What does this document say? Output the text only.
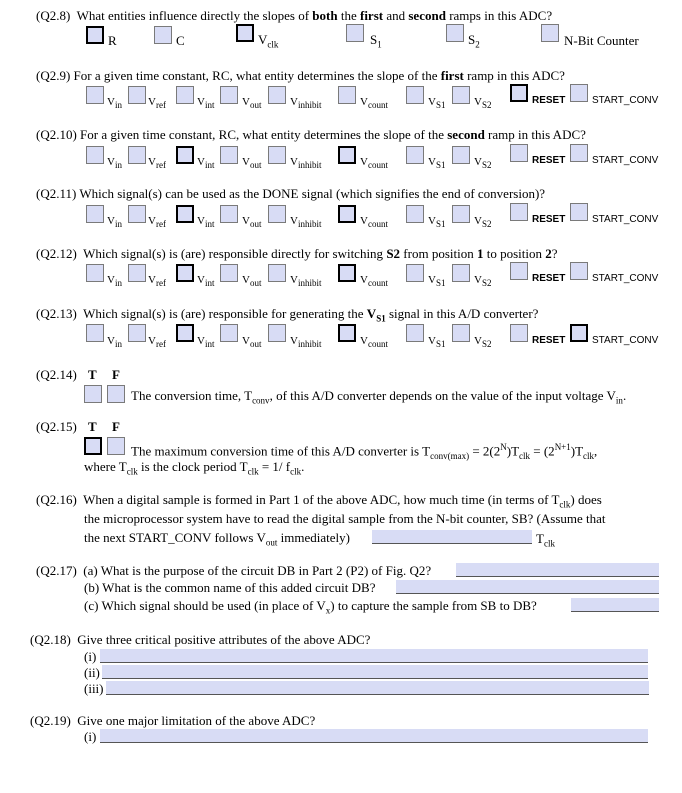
(Q2.8) What entities influence directly the slopes of both the first and second ramps in this ADC?
R	C	$V_{clk}$	$S_1$	$S_2$	N-Bit Counter
(Q2.9) For a given time constant, RC, what entity determines the slope of the first ramp in this ADC?
$V_{in}$ $V_{ref}$	$V_{int}$	$V_{out}$	$V_{inhibit}$	$V_{count}$	$V_{S1}$	$V_{S2}$	RESET	START_CONV
(Q2.10) For a given time constant, RC, what entity determines the slope of the second ramp in this ADC?
$V_{in}$ $V_{ref}$	$V_{int}$	$V_{out}$	$V_{inhibit}$	$V_{count}$	$V_{S1}$	$V_{S2}$	RESET	START_CONV
(Q2.11) Which signal(s) can be used as the DONE signal (which signifies the end of conversion)?
$V_{in}$ $V_{ref}$	$V_{int}$	$V_{out}$	$V_{inhibit}$	$V_{count}$	$V_{S1}$	$V_{S2}$	RESET	START_CONV
(Q2.12) Which signal(s) is (are) responsible directly for switching S2 from position 1 to position 2?
$V_{in}$ $V_{ref}$	$V_{int}$	$V_{out}$	$V_{inhibit}$	$V_{count}$	$V_{S1}$	$V_{S2}$	RESET	START_CONV
(Q2.13) Which signal(s) is (are) responsible for generating the $V_{S1}$ signal in this A/D converter?
$V_{in}$ $V_{ref}$	$V_{int}$	$V_{out}$	$V_{inhibit}$	$V_{count}$	$V_{S1}$	$V_{S2}$	RESET	START_CONV
(Q2.14) T F
The conversion time, $T_{conv}$, of this A/D converter depends on the value of the input voltage $V_{in}$.
(Q2.15) T F
The maximum conversion time of this A/D converter is $T_{conv(max)} = 2(2^N)T_{clk} = (2^{N+1})T_{clk}$,
where $T_{clk}$ is the clock period $T_{clk} = 1/$ $f_{clk}$.
(Q2.16) When a digital sample is formed in Part 1 of the above ADC, how much time (in terms of $T_{clk}$) does
the microprocessor system have to read the digital sample from the N-bit counter, SB? (Assume that
the next START_CONV follows $V_{out}$ immediately)	$T_{clk}$
(Q2.17) (a) What is the purpose of the circuit DB in Part 2 (P2) of Fig. Q2?
(b) What is the common name of this added circuit DB?
(c) Which signal should be used (in place of $V_x$) to capture the sample from SB to DB?
(Q2.18) Give three critical positive attributes of the above ADC?
(i)
(ii)
(iii)
(Q2.19) Give one major limitation of the above ADC?
(i)
